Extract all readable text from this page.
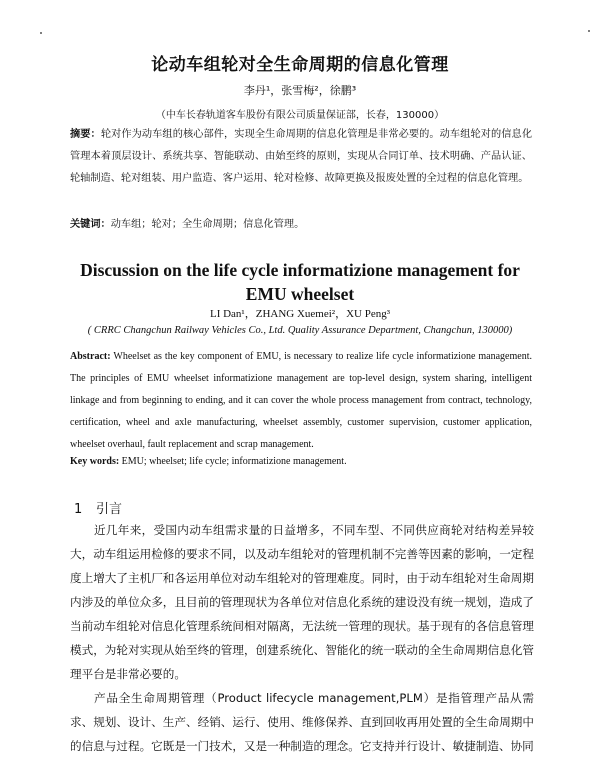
论动车组轮对全生命周期的信息化管理
李丹¹，张雪梅²，徐鹏³
（中车长春轨道客车股份有限公司质量保证部，长春，130000）
摘要：轮对作为动车组的核心部件，实现全生命周期的信息化管理是非常必要的。动车组轮对的信息化管理本着顶层设计、系统共享、智能联动、由始至终的原则，实现从合同订单、技术明确、产品认证、轮轴制造、轮对组装、用户监造、客户运用、轮对检修、故障更换及报废处置的全过程的信息化管理。
关键词：动车组；轮对；全生命周期；信息化管理。
Discussion on the life cycle informatizione management for EMU wheelset
LI Dan¹，ZHANG Xuemei²，XU Peng³
( CRRC Changchun Railway Vehicles Co., Ltd. Quality Assurance Department, Changchun, 130000)
Abstract: Wheelset as the key component of EMU, is necessary to realize life cycle informatizione management. The principles of EMU wheelset informatizione management are top-level design, system sharing, intelligent linkage and from beginning to ending, and it can cover the whole process management from contract, technology, certification, wheel and axle manufacturing, wheelset assembly, customer supervision, customer application, wheelset overhaul, fault replacement and scrap management.
Key words: EMU; wheelset; life cycle; informatizione management.
1 引言
近几年来，受国内动车组需求量的日益增多，不同车型、不同供应商轮对结构差异较大，动车组运用检修的要求不同，以及动车组轮对的管理机制不完善等因素的影响，一定程度上增大了主机厂和各运用单位对动车组轮对的管理难度。同时，由于动车组轮对生命周期内涉及的单位众多，且目前的管理现状为各单位对信息化系统的建设没有统一规划，造成了当前动车组轮对信息化管理系统间相对隔离，无法统一管理的现状。基于现有的各信息管理模式，为轮对实现从始至终的管理，创建系统化、智能化的统一联动的全生命周期信息化管理平台是非常必要的。
产品全生命周期管理（Product lifecycle management,PLM）是指管理产品从需求、规划、设计、生产、经销、运行、使用、维修保养、直到回收再用处置的全生命周期中的信息与过程。它既是一门技术，又是一种制造的理念。它支持并行设计、敏捷制造、协同
